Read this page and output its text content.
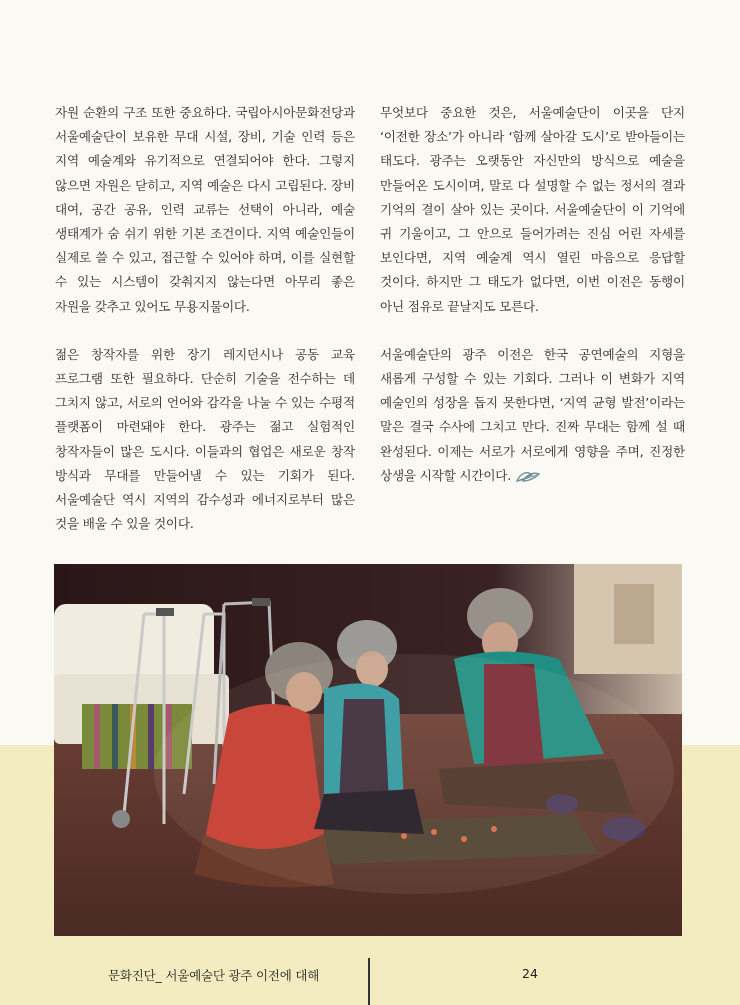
자원 순환의 구조 또한 중요하다. 국립아시아문화전당과 서울예술단이 보유한 무대 시설, 장비, 기술 인력 등은 지역 예술계와 유기적으로 연결되어야 한다. 그렇지 않으면 자원은 닫히고, 지역 예술은 다시 고립된다. 장비 대여, 공간 공유, 인력 교류는 선택이 아니라, 예술 생태계가 숨 쉬기 위한 기본 조건이다. 지역 예술인들이 실제로 쓸 수 있고, 접근할 수 있어야 하며, 이를 실현할 수 있는 시스템이 갖춰지지 않는다면 아무리 좋은 자원을 갖추고 있어도 무용지물이다.

젊은 창작자를 위한 장기 레지던시나 공동 교육 프로그램 또한 필요하다. 단순히 기술을 전수하는 데 그치지 않고, 서로의 언어와 감각을 나눌 수 있는 수평적 플랫폼이 마련돼야 한다. 광주는 젊고 실험적인 창작자들이 많은 도시다. 이들과의 협업은 새로운 창작 방식과 무대를 만들어낼 수 있는 기회가 된다. 서울예술단 역시 지역의 감수성과 에너지로부터 많은 것을 배울 수 있을 것이다.

무엇보다 중요한 것은, 서울예술단이 이곳을 단지 ‘이전한 장소’가 아니라 ‘함께 살아갈 도시’로 받아들이는 태도다. 광주는 오랫동안 자신만의 방식으로 예술을 만들어온 도시이며, 말로 다 설명할 수 없는 정서의 결과 기억의 결이 살아 있는 곳이다. 서울예술단이 이 기억에 귀 기울이고, 그 안으로 들어가려는 진심 어린 자세를 보인다면, 지역 예술계 역시 열린 마음으로 응답할 것이다. 하지만 그 태도가 없다면, 이번 이전은 동행이 아닌 점유로 끝날지도 모른다.

서울예술단의 광주 이전은 한국 공연예술의 지형을 새롭게 구성할 수 있는 기회다. 그러나 이 변화가 지역 예술인의 성장을 돕지 못한다면, ‘지역 균형 발전’이라는 말은 결국 수사에 그치고 만다. 진짜 무대는 함께 설 때 완성된다. 이제는 서로가 서로에게 영향을 주며, 진정한 상생을 시작할 시간이다.

문화진단_ 서울예술단 광주 이전에 대해	24
